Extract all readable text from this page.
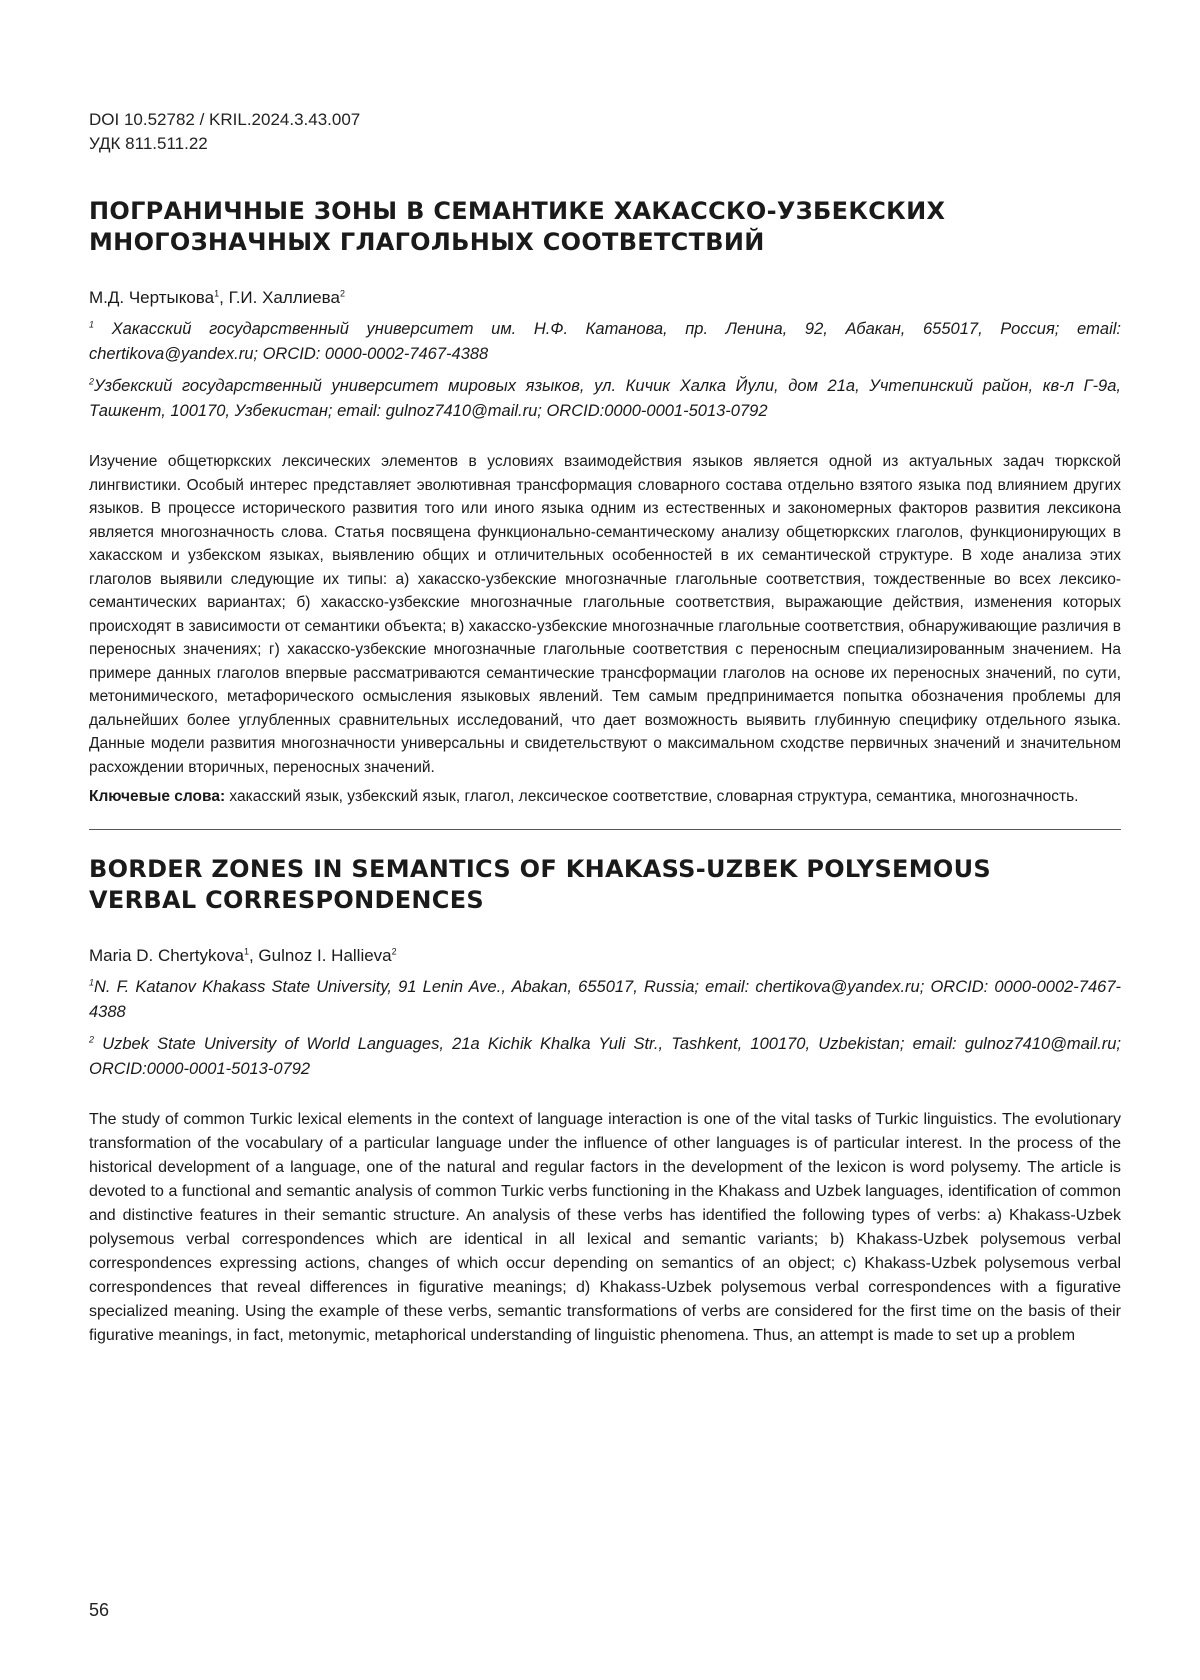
DOI 10.52782 / KRIL.2024.3.43.007
УДК 811.511.22
ПОГРАНИЧНЫЕ ЗОНЫ В СЕМАНТИКЕ ХАКАССКО-УЗБЕКСКИХ
МНОГОЗНАЧНЫХ ГЛАГОЛЬНЫХ СООТВЕТСТВИЙ
М.Д. Чертыкова$^1$, Г.И. Халлиева$^2$
$^1$ Хакасский государственный университет им. Н.Ф. Катанова, пр. Ленина, 92, Абакан, 655017, Россия; email: chertikova@yandex.ru; ORCID: 0000-0002-7467-4388
$^2$Узбекский государственный университет мировых языков, ул. Кичик Халка Йули, дом 21а, Учтепинский район, кв-л Г-9а, Ташкент, 100170, Узбекистан; email: gulnoz7410@mail.ru; ORCID:0000-0001-5013-0792

Изучение общетюркских лексических элементов в условиях взаимодействия языков является одной из актуальных задач тюркской лингвистики. Особый интерес представляет эволютивная трансформация словарного состава отдельно взятого языка под влиянием других языков. В процессе исторического развития того или иного языка одним из естественных и закономерных факторов развития лексикона является многозначность слова. Статья посвящена функционально-семантическому анализу общетюркских глаголов, функционирующих в хакасском и узбекском языках, выявлению общих и отличительных особенностей в их семантической структуре. В ходе анализа этих глаголов выявили следующие их типы: а) хакасско-узбекские многозначные глагольные соответствия, тождественные во всех лексико-семантических вариантах; б) хакасско-узбекские многозначные глагольные соответствия, выражающие действия, изменения которых происходят в зависимости от семантики объекта; в) хакасско-узбекские многозначные глагольные соответствия, обнаруживающие различия в переносных значениях; г) хакасско-узбекские многозначные глагольные соответствия с переносным специализированным значением. На примере данных глаголов впервые рассматриваются семантические трансформации глаголов на основе их переносных значений, по сути, метонимического, метафорического осмысления языковых явлений. Тем самым предпринимается попытка обозначения проблемы для дальнейших более углубленных сравнительных исследований, что дает возможность выявить глубинную специфику отдельного языка. Данные модели развития многозначности универсальны и свидетельствуют о максимальном сходстве первичных значений и значительном расхождении вторичных, переносных значений.

Ключевые слова: хакасский язык, узбекский язык, глагол, лексическое соответствие, словарная структура, семантика, многозначность.

BORDER ZONES IN SEMANTICS OF KHAKASS-UZBEK POLYSEMOUS
VERBAL CORRESPONDENCES
Maria D. Chertykova$^1$, Gulnoz I. Hallieva$^2$
$^1$N. F. Katanov Khakass State University, 91 Lenin Ave., Abakan, 655017, Russia; email: chertikova@yandex.ru; ORCID: 0000-0002-7467-4388
$^2$ Uzbek State University of World Languages, 21a Kichik Khalka Yuli Str., Tashkent, 100170, Uzbekistan; email: gulnoz7410@mail.ru; ORCID:0000-0001-5013-0792

The study of common Turkic lexical elements in the context of language interaction is one of the vital tasks of Turkic linguistics. The evolutionary transformation of the vocabulary of a particular language under the influence of other languages is of particular interest. In the process of the historical development of a language, one of the natural and regular factors in the development of the lexicon is word polysemy. The article is devoted to a functional and semantic analysis of common Turkic verbs functioning in the Khakass and Uzbek languages, identification of common and distinctive features in their semantic structure. An analysis of these verbs has identified the following types of verbs: a) Khakass-Uzbek polysemous verbal correspondences which are identical in all lexical and semantic variants; b) Khakass-Uzbek polysemous verbal correspondences expressing actions, changes of which occur depending on semantics of an object; c) Khakass-Uzbek polysemous verbal correspondences that reveal differences in figurative meanings; d) Khakass-Uzbek polysemous verbal correspondences with a figurative specialized meaning. Using the example of these verbs, semantic transformations of verbs are considered for the first time on the basis of their figurative meanings, in fact, metonymic, metaphorical understanding of linguistic phenomena. Thus, an attempt is made to set up a problem

56
